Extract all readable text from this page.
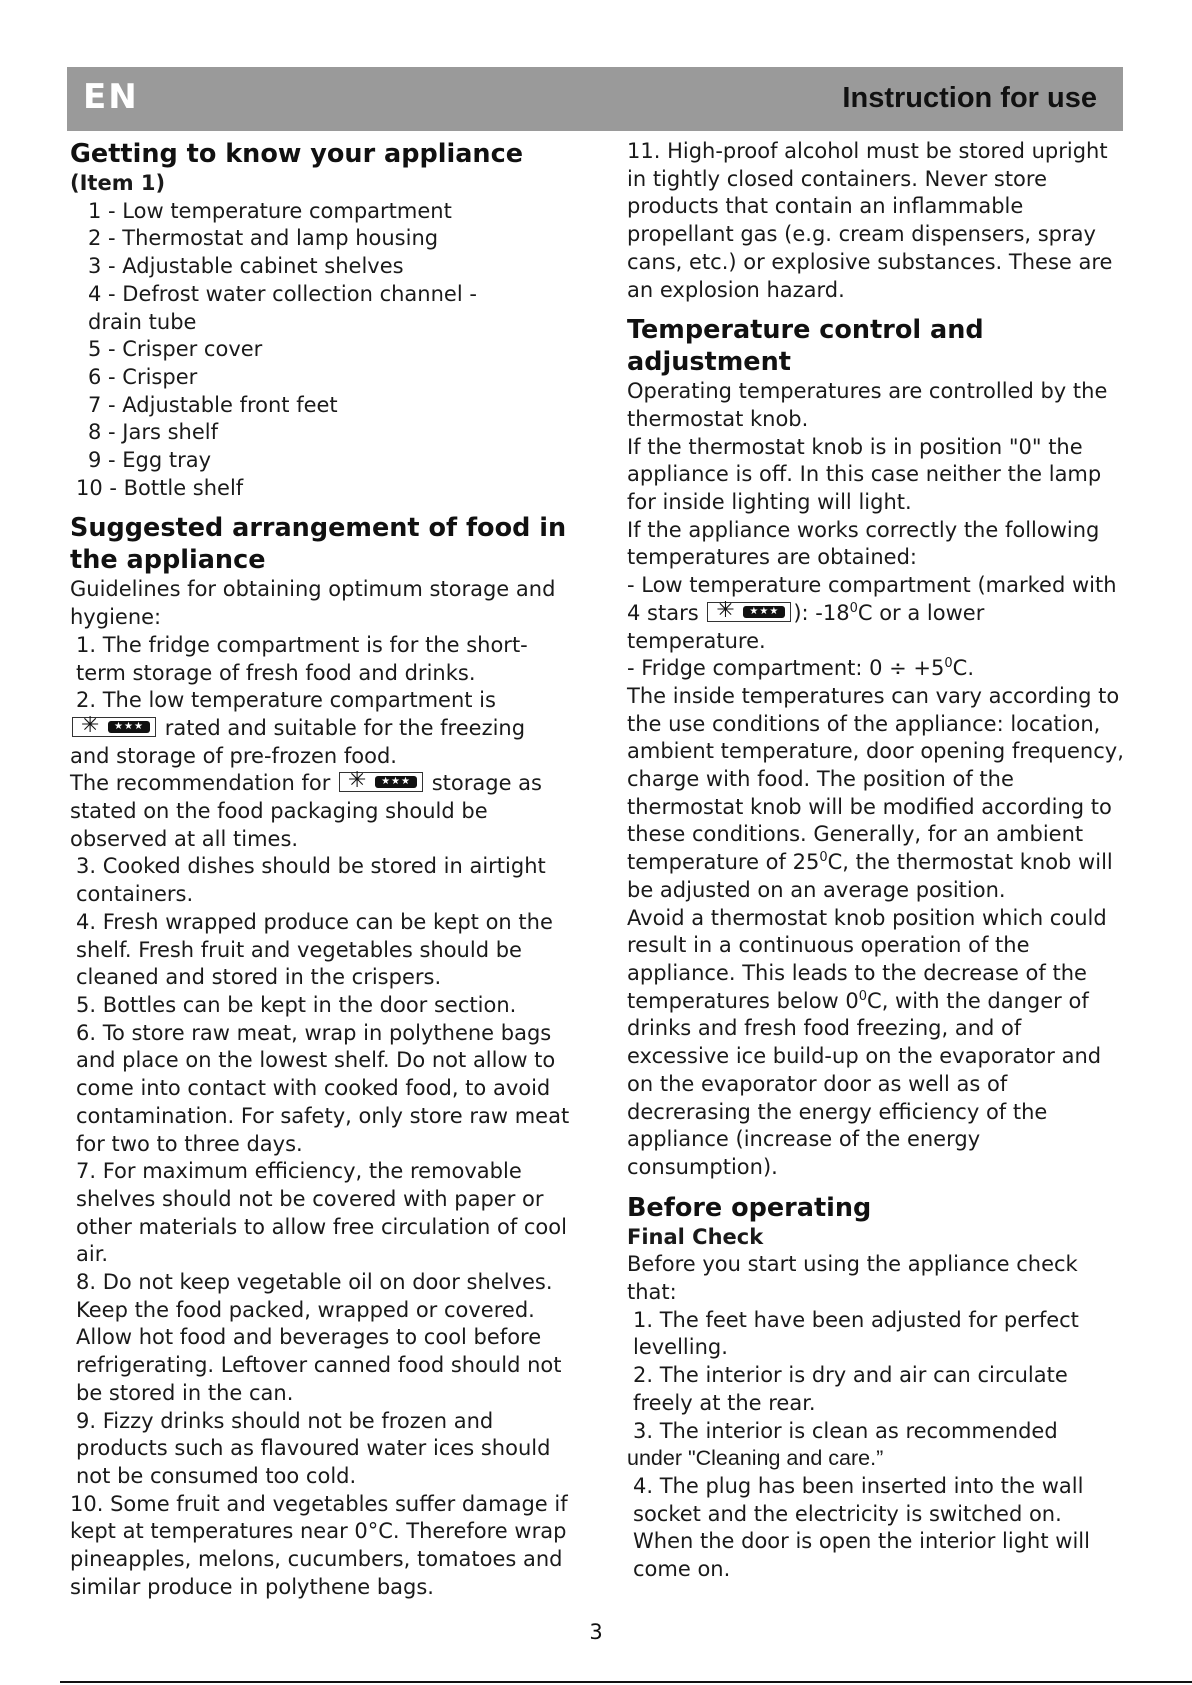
EN	Instruction for use
Getting to know your appliance
(Item 1)

1 - Low temperature compartment

2 - Thermostat and lamp housing

3 - Adjustable cabinet shelves

4 - Defrost water collection channel -

drain tube

5 - Crisper cover

6 - Crisper

7 - Adjustable front feet

8 - Jars shelf

9 - Egg tray

10 - Bottle shelf

Suggested arrangement of food in
the appliance

Guidelines for obtaining optimum storage and hygiene:

1. The fridge compartment is for the short-term storage of fresh food and drinks.

2. The low temperature compartment is

✳	★★★ rated and suitable for the freezing and storage of pre-frozen food.

The recommendation for ✳	★★★ storage as stated on the food packaging should be observed at all times.

3. Cooked dishes should be stored in airtight containers.

4. Fresh wrapped produce can be kept on the shelf. Fresh fruit and vegetables should be cleaned and stored in the crispers.

5. Bottles can be kept in the door section.

6. To store raw meat, wrap in polythene bags and place on the lowest shelf. Do not allow to come into contact with cooked food, to avoid contamination. For safety, only store raw meat for two to three days.

7. For maximum efficiency, the removable shelves should not be covered with paper or other materials to allow free circulation of cool air.

8. Do not keep vegetable oil on door shelves. Keep the food packed, wrapped or covered. Allow hot food and beverages to cool before refrigerating. Leftover canned food should not be stored in the can.

9. Fizzy drinks should not be frozen and products such as flavoured water ices should not be consumed too cold.

10. Some fruit and vegetables suffer damage if kept at temperatures near 0°C. Therefore wrap pineapples, melons, cucumbers, tomatoes and similar produce in polythene bags.

11. High-proof alcohol must be stored upright in tightly closed containers. Never store products that contain an inflammable propellant gas (e.g. cream dispensers, spray cans, etc.) or explosive substances. These are an explosion hazard.

Temperature control and adjustment

Operating temperatures are controlled by the thermostat knob.

If the thermostat knob is in position "0" the appliance is off. In this case neither the lamp for inside lighting will light.

If the appliance works correctly the following temperatures are obtained:

- Low temperature compartment (marked with 4 stars ✳	★★★ ): $-18^0C$ or a lower temperature.

- Fridge compartment: $0 \div +5^0C$.

The inside temperatures can vary according to the use conditions of the appliance: location, ambient temperature, door opening frequency, charge with food. The position of the thermostat knob will be modified according to these conditions. Generally, for an ambient temperature of $25^0C$, the thermostat knob will be adjusted on an average position.

Avoid a thermostat knob position which could result in a continuous operation of the appliance. This leads to the decrease of the temperatures below $0^0C$, with the danger of drinks and fresh food freezing, and of excessive ice build-up on the evaporator and on the evaporator door as well as of decrerasing the energy efficiency of the appliance (increase of the energy consumption).

Before operating
Final Check

Before you start using the appliance check that:

1. The feet have been adjusted for perfect levelling.

2. The interior is dry and air can circulate freely at the rear.

3. The interior is clean as recommended

under "Cleaning and care.”

4. The plug has been inserted into the wall socket and the electricity is switched on. When the door is open the interior light will come on.

3
